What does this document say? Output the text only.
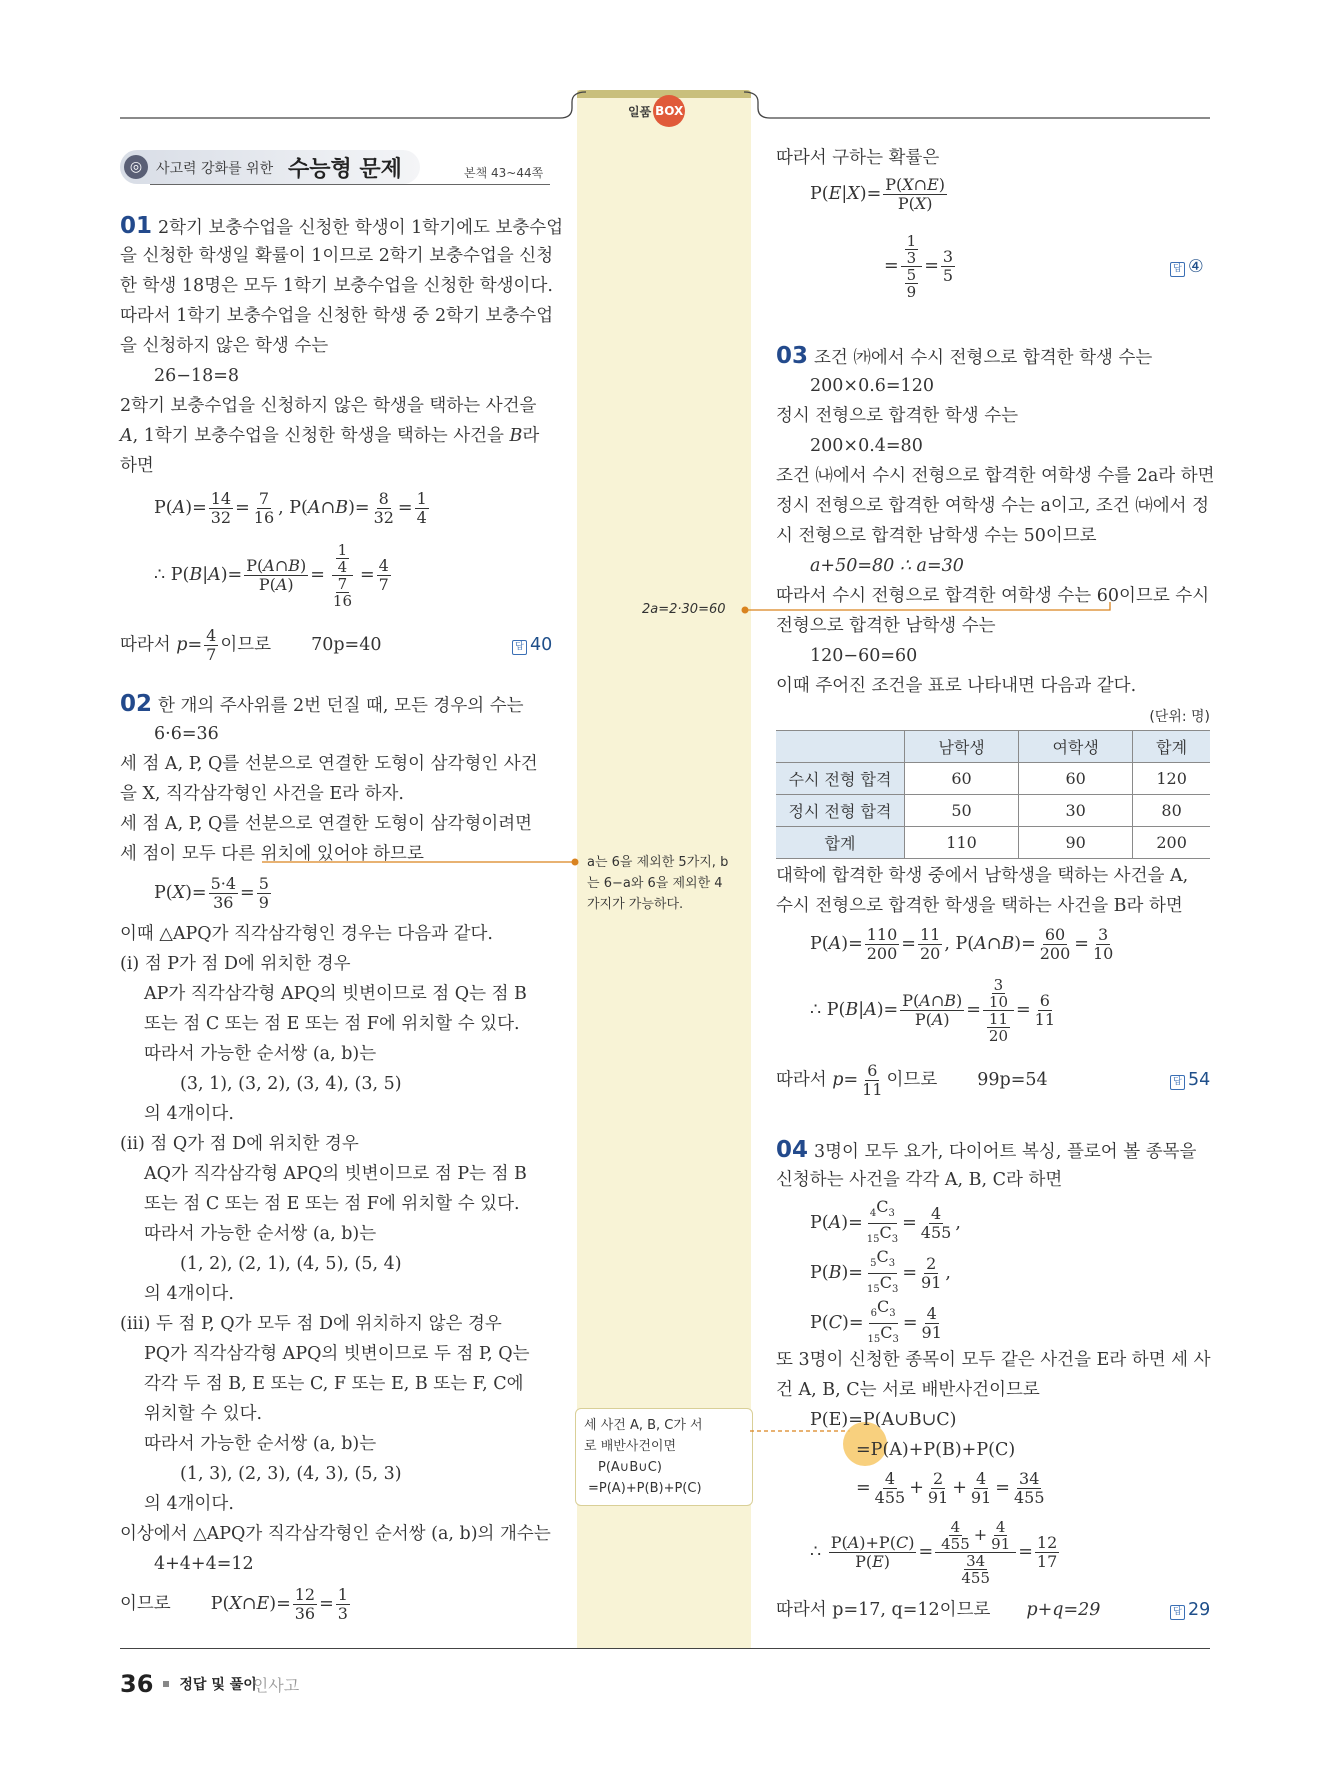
일품 BOX
◎ 사고력 강화를 위한 수능형 문제	본책 43~44쪽
01 2학기 보충수업을 신청한 학생이 1학기에도 보충수업
을 신청한 학생일 확률이 1이므로 2학기 보충수업을 신청
한 학생 18명은 모두 1학기 보충수업을 신청한 학생이다.
따라서 1학기 보충수업을 신청한 학생 중 2학기 보충수업
을 신청하지 않은 학생 수는
26−18=8
2학기 보충수업을 신청하지 않은 학생을 택하는 사건을
A, 1학기 보충수업을 신청한 학생을 택하는 사건을 B라
하면
$P(A)= \frac{14}{32} = \frac{7}{16}$ , P(A∩B)= $\frac{8}{32} = \frac{1}{4}$
∴ $P(B|A)= \frac{P(A\cap B)}{P(A)} = \frac{\frac{1}{4}}{\frac{7}{16}} = \frac{4}{7}$
따라서 $p= \frac{4}{7}$ 이므로 70p=40	답 40
02 한 개의 주사위를 2번 던질 때, 모든 경우의 수는
6·6=36
세 점 A, P, Q를 선분으로 연결한 도형이 삼각형인 사건
을 X, 직각삼각형인 사건을 E라 하자.
세 점 A, P, Q를 선분으로 연결한 도형이 삼각형이려면
세 점이 모두 다른 위치에 있어야 하므로
$P(X)= \frac{5\cdot 4}{36} = \frac{5}{9}$
이때 △APQ가 직각삼각형인 경우는 다음과 같다.
(ⅰ) 점 P가 점 D에 위치한 경우
AP가 직각삼각형 APQ의 빗변이므로 점 Q는 점 B
또는 점 C 또는 점 E 또는 점 F에 위치할 수 있다.
따라서 가능한 순서쌍 (a, b)는
(3, 1), (3, 2), (3, 4), (3, 5)
의 4개이다.
(ⅱ) 점 Q가 점 D에 위치한 경우
AQ가 직각삼각형 APQ의 빗변이므로 점 P는 점 B
또는 점 C 또는 점 E 또는 점 F에 위치할 수 있다.
따라서 가능한 순서쌍 (a, b)는
(1, 2), (2, 1), (4, 5), (5, 4)
의 4개이다.
(ⅲ) 두 점 P, Q가 모두 점 D에 위치하지 않은 경우
PQ가 직각삼각형 APQ의 빗변이므로 두 점 P, Q는
각각 두 점 B, E 또는 C, F 또는 E, B 또는 F, C에
위치할 수 있다.
따라서 가능한 순서쌍 (a, b)는
(1, 3), (2, 3), (4, 3), (5, 3)
의 4개이다.
이상에서 △APQ가 직각삼각형인 순서쌍 (a, b)의 개수는
4+4+4=12
이므로 P(X∩E)= $\frac{12}{36} = \frac{1}{3}$
2a=2·30=60
a는 6을 제외한 5가지, b
는 6−a와 6을 제외한 4
가지가 가능하다.
세 사건 A, B, C가 서
로 배반사건이면
P(A∪B∪C)
=P(A)+P(B)+P(C)
따라서 구하는 확률은
$P(E|X)= \frac{P(X\cap E)}{P(X)}$
= $\frac{\frac{1}{3}}{\frac{5}{9}} = \frac{3}{5}$	답 ④
03 조건 ㈎에서 수시 전형으로 합격한 학생 수는
200×0.6=120
정시 전형으로 합격한 학생 수는
200×0.4=80
조건 ㈏에서 수시 전형으로 합격한 여학생 수를 2a라 하면
정시 전형으로 합격한 여학생 수는 a이고, 조건 ㈐에서 정
시 전형으로 합격한 남학생 수는 50이므로
a+50=80 ∴ a=30
따라서 수시 전형으로 합격한 여학생 수는 60이므로 수시
전형으로 합격한 남학생 수는
120−60=60
이때 주어진 조건을 표로 나타내면 다음과 같다.
(단위: 명)
	남학생	여학생	합계
수시 전형 합격	60	60	120
정시 전형 합격	50	30	80
합계	110	90	200
대학에 합격한 학생 중에서 남학생을 택하는 사건을 A,
수시 전형으로 합격한 학생을 택하는 사건을 B라 하면
$P(A)= \frac{110}{200} = \frac{11}{20}$ , P(A∩B)= $\frac{60}{200} = \frac{3}{10}$
∴ $P(B|A)= \frac{P(A\cap B)}{P(A)} = \frac{\frac{3}{10}}{\frac{11}{20}} = \frac{6}{11}$
따라서 $p= \frac{6}{11}$ 이므로 99p=54	답 54
04 3명이 모두 요가, 다이어트 복싱, 플로어 볼 종목을
신청하는 사건을 각각 A, B, C라 하면
$P(A)= \frac{_4C_3}{_{15}C_3} = \frac{4}{455}$ ,
$P(B)= \frac{_5C_3}{_{15}C_3} = \frac{2}{91}$ ,
$P(C)= \frac{_6C_3}{_{15}C_3} = \frac{4}{91}$
또 3명이 신청한 종목이 모두 같은 사건을 E라 하면 세 사
건 A, B, C는 서로 배반사건이므로
P(E)=P(A∪B∪C)
=P(A)+P(B)+P(C)
= $\frac{4}{455} + \frac{2}{91} + \frac{4}{91} = \frac{34}{455}$
∴ $\frac{P(A)+P(C)}{P(E)} = \frac{\frac{4}{455} + \frac{4}{91}}{\frac{34}{455}} = \frac{12}{17}$
따라서 p=17, q=12이므로 p+q=29	답 29
36 정답 및 풀이
인사고
